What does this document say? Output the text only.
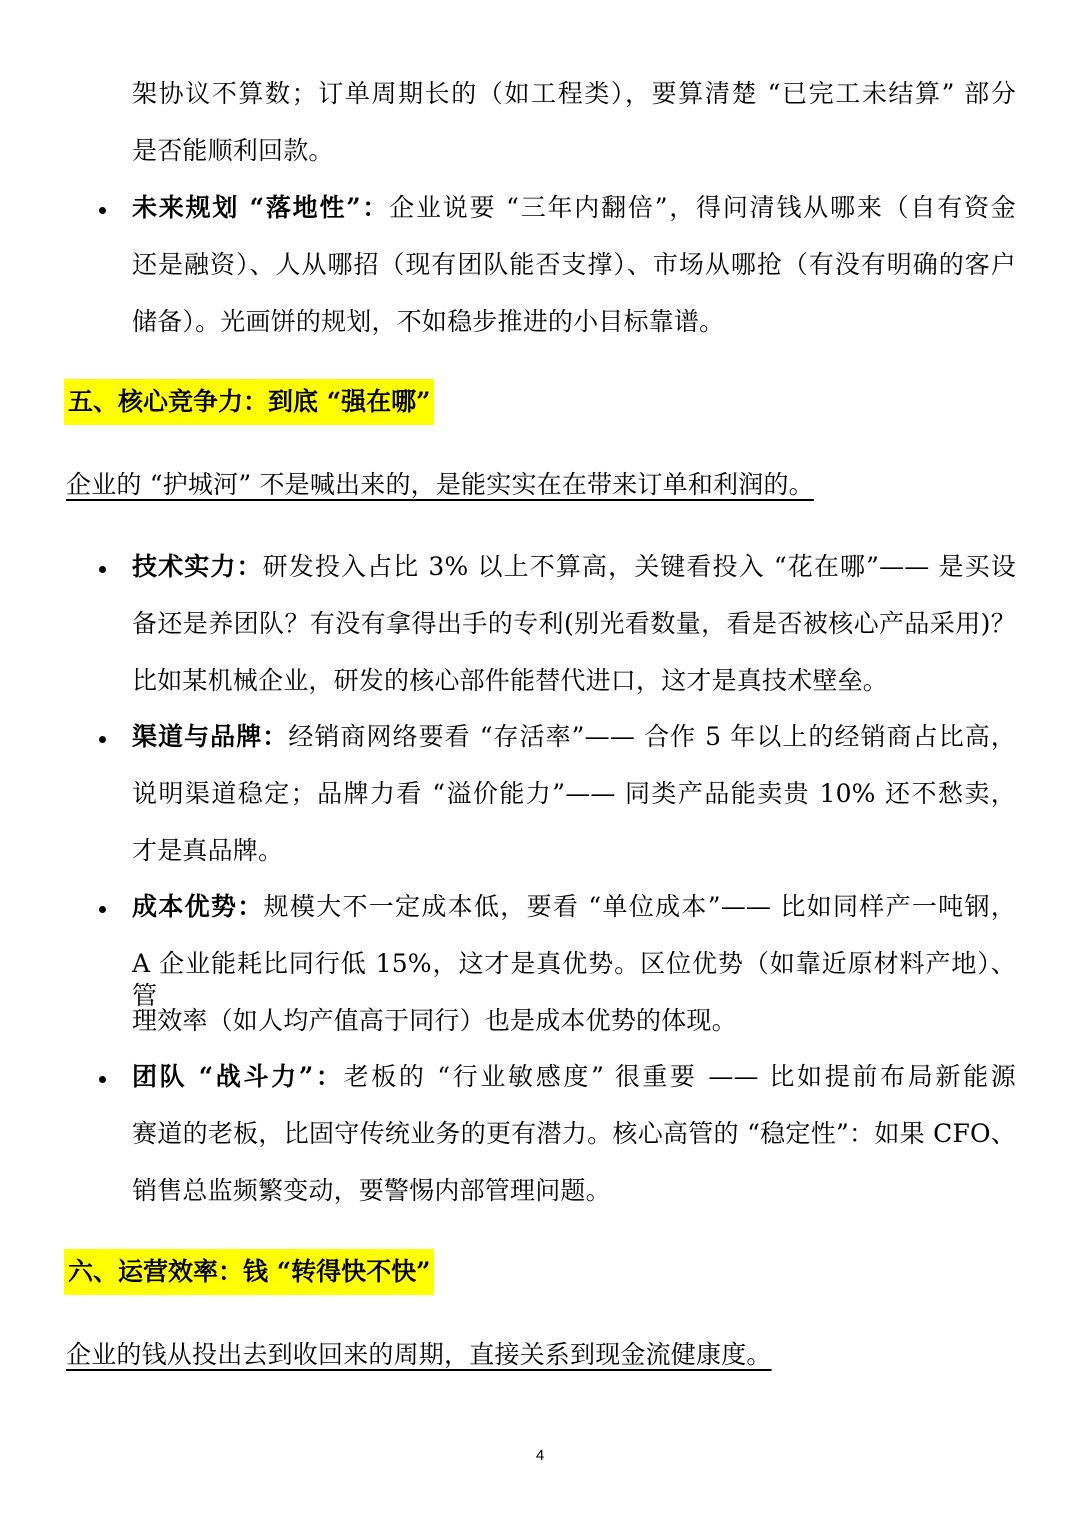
架协议不算数；订单周期长的（如工程类），要算清楚 “已完工未结算” 部分
是否能顺利回款。
未来规划 “落地性”：企业说要 “三年内翻倍”，得问清钱从哪来（自有资金
还是融资）、人从哪招（现有团队能否支撑）、市场从哪抢（有没有明确的客户
储备）。光画饼的规划，不如稳步推进的小目标靠谱。
五、核心竞争力：到底 “强在哪”
企业的 “护城河” 不是喊出来的，是能实实在在带来订单和利润的。
技术实力：研发投入占比 3% 以上不算高，关键看投入 “花在哪”—— 是买设
备还是养团队？有没有拿得出手的专利(别光看数量，看是否被核心产品采用)？
比如某机械企业，研发的核心部件能替代进口，这才是真技术壁垒。
渠道与品牌：经销商网络要看 “存活率”—— 合作 5 年以上的经销商占比高，
说明渠道稳定；品牌力看 “溢价能力”—— 同类产品能卖贵 10% 还不愁卖，
才是真品牌。
成本优势：规模大不一定成本低，要看 “单位成本”—— 比如同样产一吨钢，
A 企业能耗比同行低 15%，这才是真优势。区位优势（如靠近原材料产地）、管
理效率（如人均产值高于同行）也是成本优势的体现。
团队 “战斗力”：老板的 “行业敏感度” 很重要 —— 比如提前布局新能源
赛道的老板，比固守传统业务的更有潜力。核心高管的 “稳定性”：如果 CFO、
销售总监频繁变动，要警惕内部管理问题。
六、运营效率：钱 “转得快不快”
企业的钱从投出去到收回来的周期，直接关系到现金流健康度。
4
